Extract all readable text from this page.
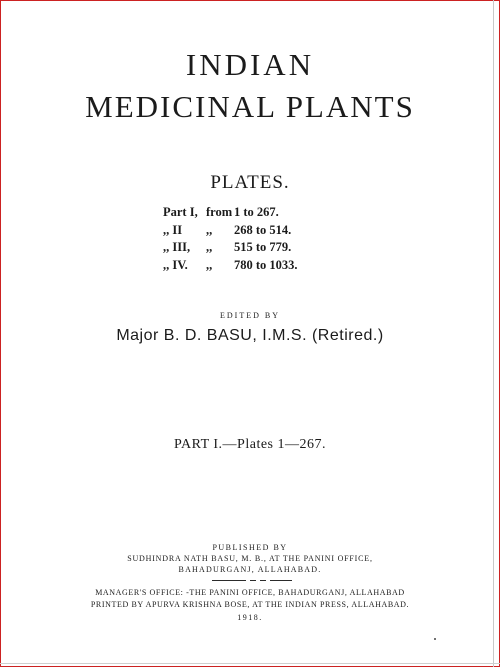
INDIAN
MEDICINAL PLANTS
PLATES.
Part I, from 1 to 267.
,, II	,,	268 to 514.
,, III,	,,	515 to 779.
,, IV.	,,	780 to 1033.
EDITED BY
Major B. D. BASU, I.M.S. (Retired.)
PART I.—Plates 1—267.
PUBLISHED BY
SUDHINDRA NATH BASU, M. B., AT THE PANINI OFFICE,
BAHADURGANJ, ALLAHABAD.
MANAGER'S OFFICE: -THE PANINI OFFICE, BAHADURGANJ, ALLAHABAD
PRINTED BY APURVA KRISHNA BOSE, AT THE INDIAN PRESS, ALLAHABAD.
1918.
